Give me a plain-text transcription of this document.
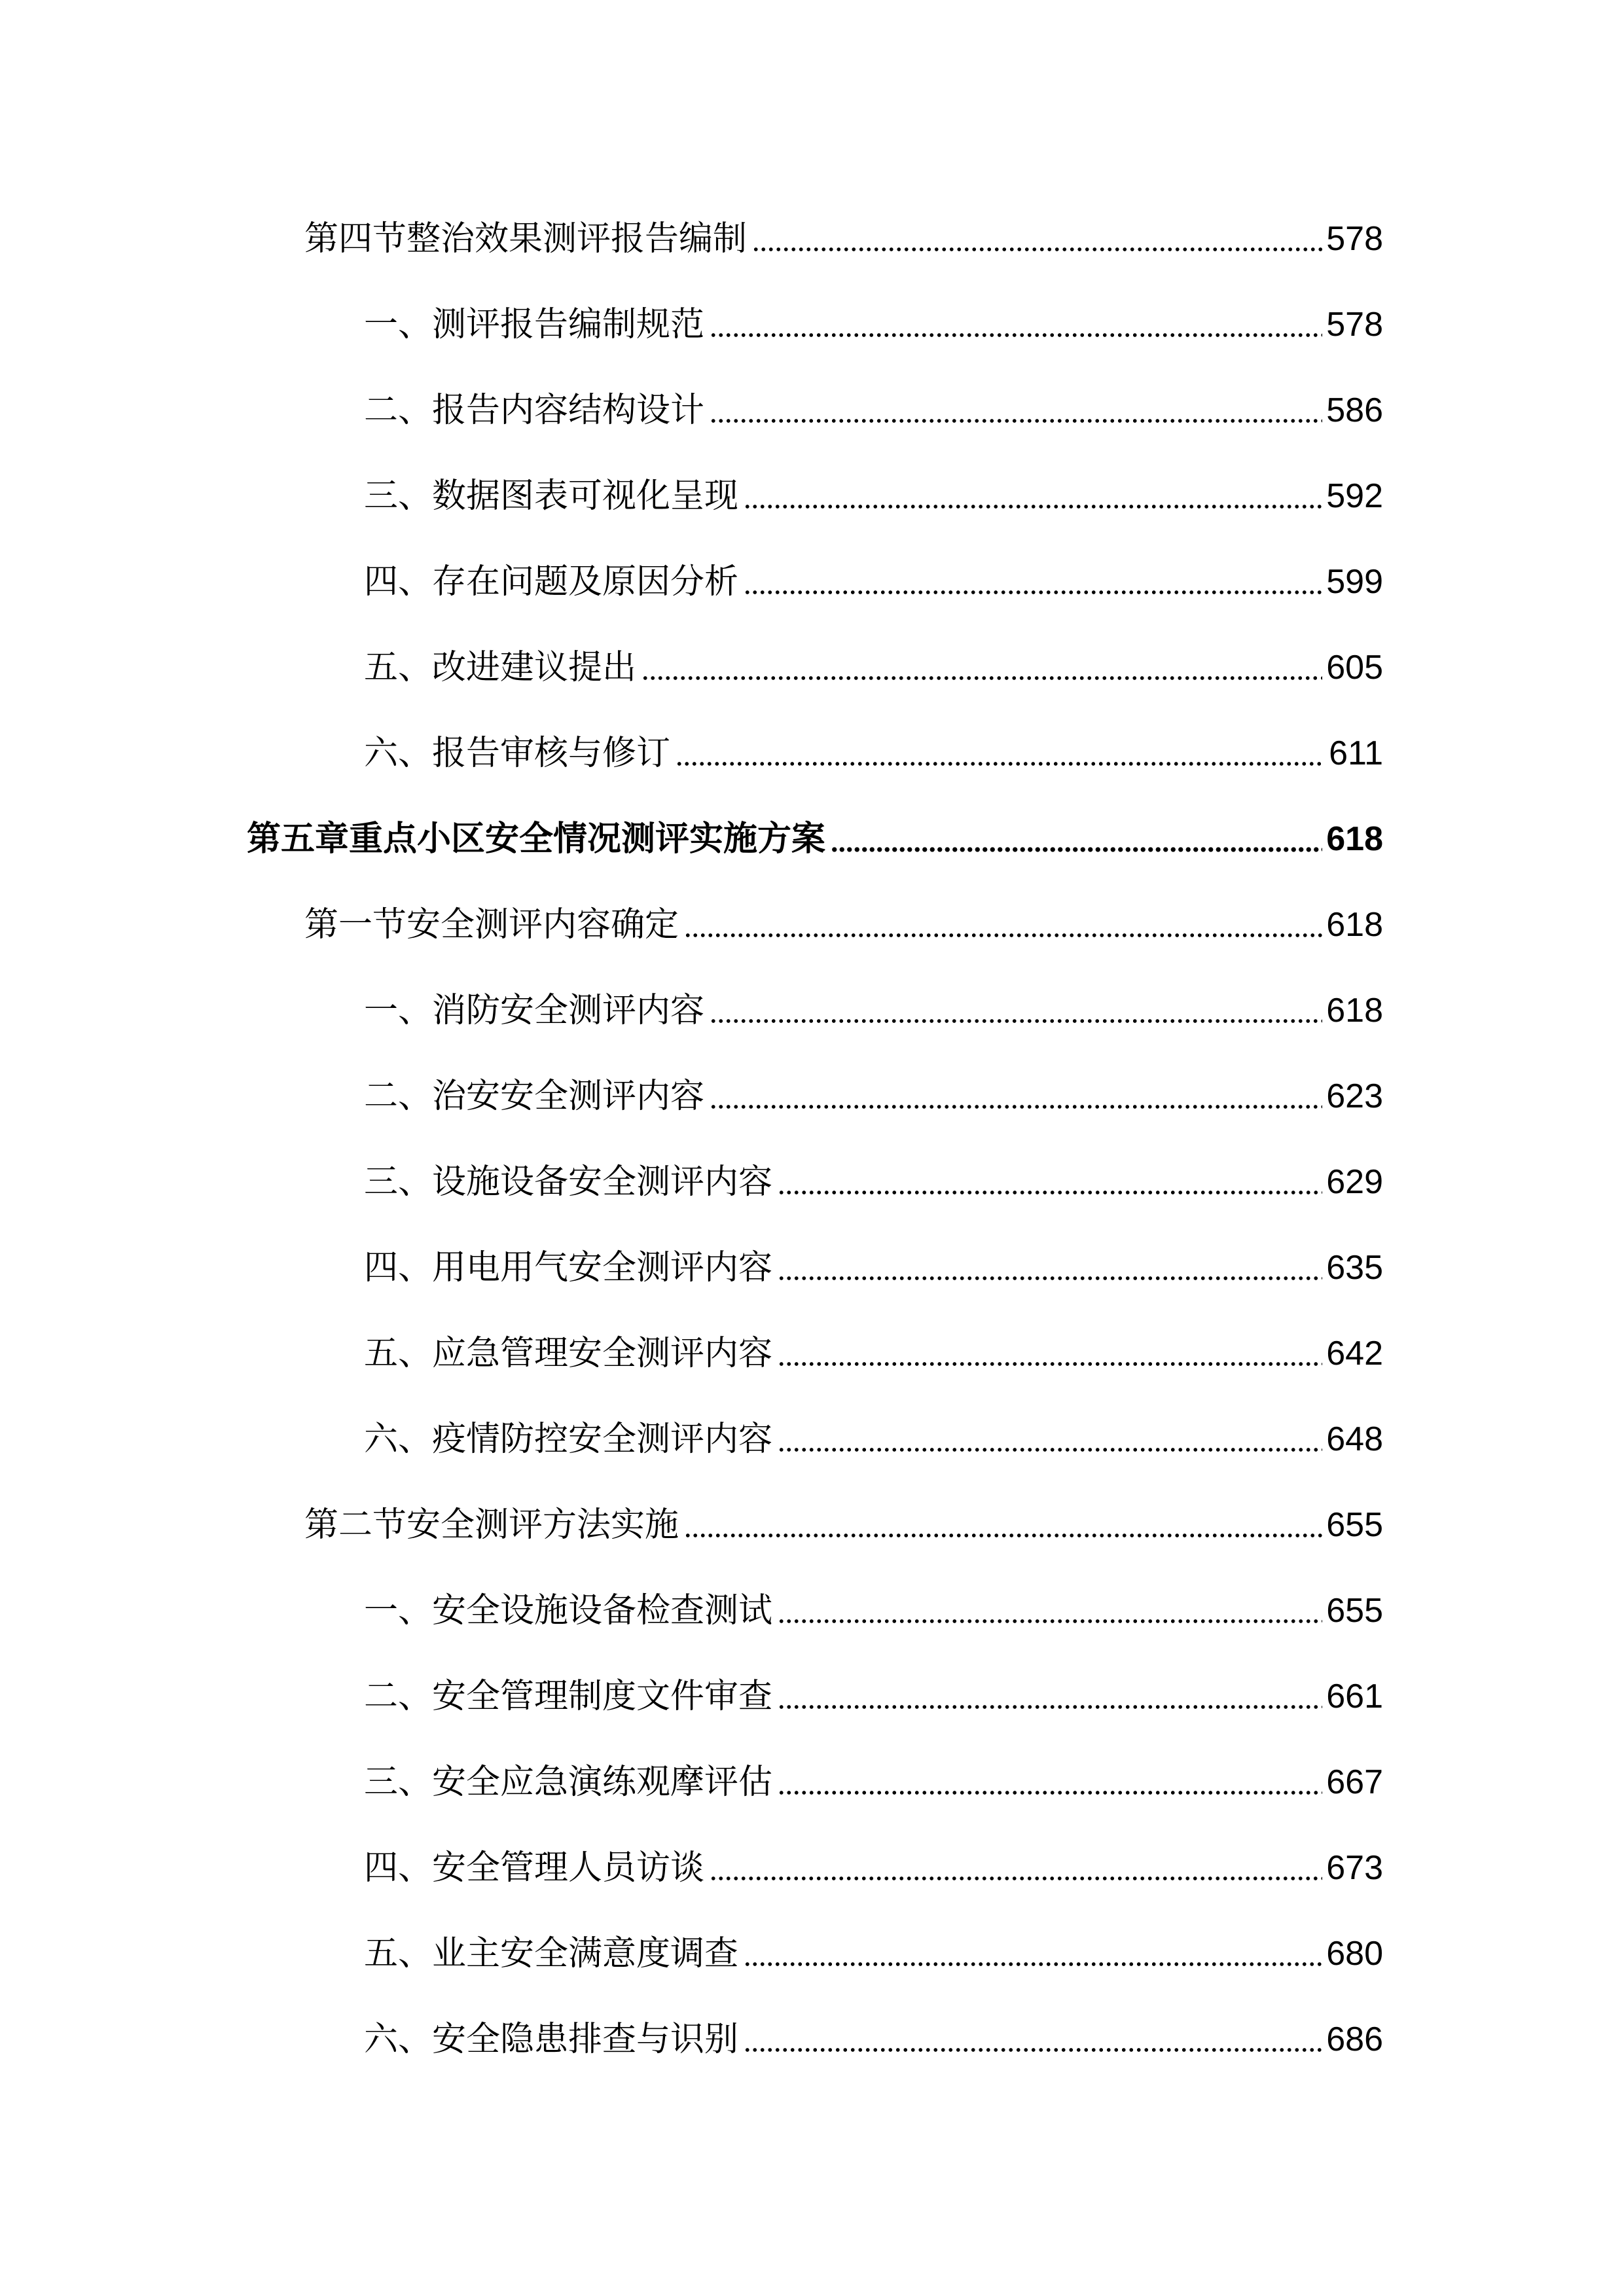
第四节整治效果测评报告编制	578
一、测评报告编制规范	578
二、报告内容结构设计	586
三、数据图表可视化呈现	592
四、存在问题及原因分析	599
五、改进建议提出	605
六、报告审核与修订	611
第五章重点小区安全情况测评实施方案	618
第一节安全测评内容确定	618
一、消防安全测评内容	618
二、治安安全测评内容	623
三、设施设备安全测评内容	629
四、用电用气安全测评内容	635
五、应急管理安全测评内容	642
六、疫情防控安全测评内容	648
第二节安全测评方法实施	655
一、安全设施设备检查测试	655
二、安全管理制度文件审查	661
三、安全应急演练观摩评估	667
四、安全管理人员访谈	673
五、业主安全满意度调查	680
六、安全隐患排查与识别	686
